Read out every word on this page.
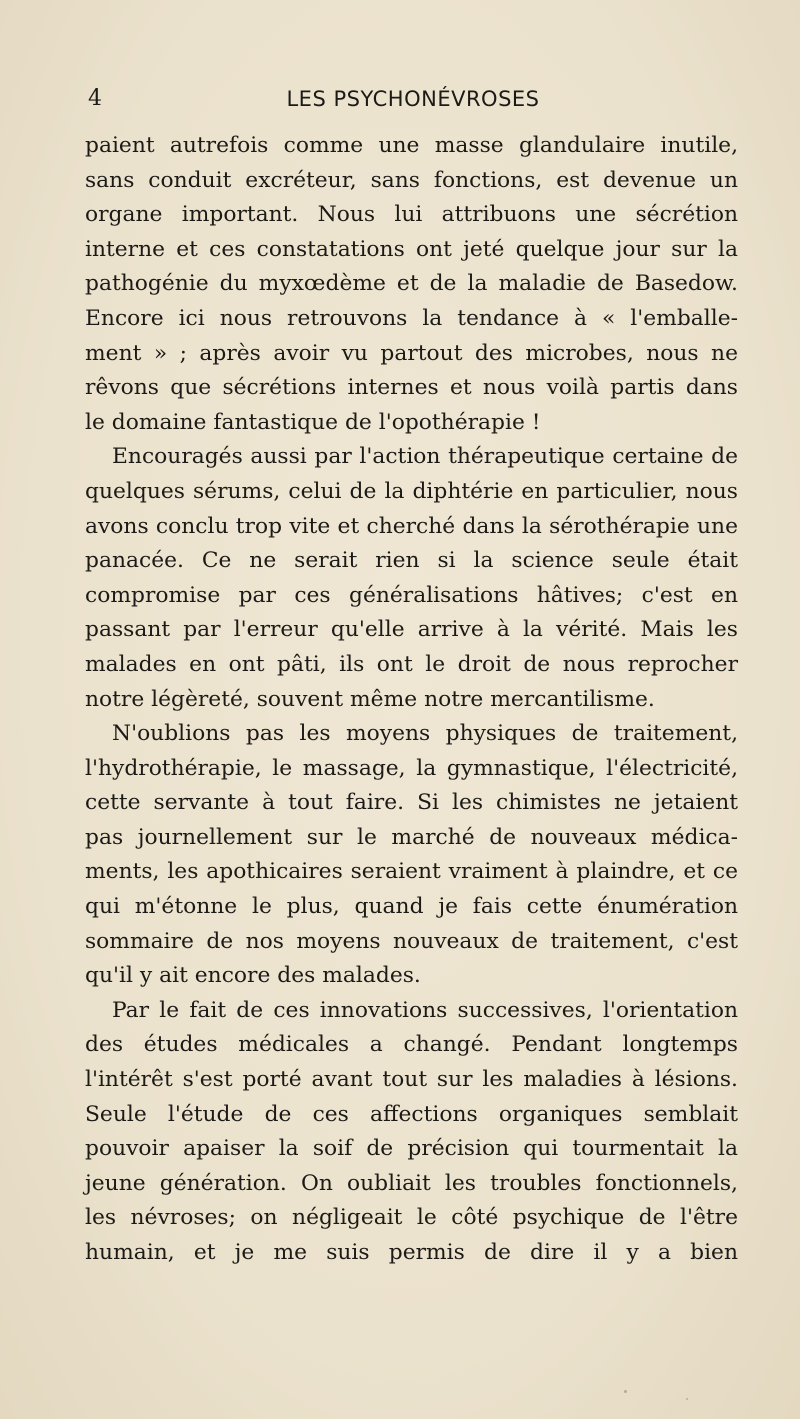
4	LES PSYCHONÉVROSES
paient autrefois comme une masse glandulaire inutile,
sans conduit excréteur, sans fonctions, est devenue un
organe important. Nous lui attribuons une sécrétion
interne et ces constatations ont jeté quelque jour sur la
pathogénie du myxœdème et de la maladie de Basedow.
Encore ici nous retrouvons la tendance à « l'emballe-
ment » ; après avoir vu partout des microbes, nous ne
rêvons que sécrétions internes et nous voilà partis dans
le domaine fantastique de l'opothérapie !
Encouragés aussi par l'action thérapeutique certaine de
quelques sérums, celui de la diphtérie en particulier, nous
avons conclu trop vite et cherché dans la sérothérapie une
panacée. Ce ne serait rien si la science seule était
compromise par ces généralisations hâtives; c'est en
passant par l'erreur qu'elle arrive à la vérité. Mais les
malades en ont pâti, ils ont le droit de nous reprocher
notre légèreté, souvent même notre mercantilisme.
N'oublions pas les moyens physiques de traitement,
l'hydrothérapie, le massage, la gymnastique, l'électricité,
cette servante à tout faire. Si les chimistes ne jetaient
pas journellement sur le marché de nouveaux médica-
ments, les apothicaires seraient vraiment à plaindre, et ce
qui m'étonne le plus, quand je fais cette énumération
sommaire de nos moyens nouveaux de traitement, c'est
qu'il y ait encore des malades.
Par le fait de ces innovations successives, l'orientation
des études médicales a changé. Pendant longtemps
l'intérêt s'est porté avant tout sur les maladies à lésions.
Seule l'étude de ces affections organiques semblait
pouvoir apaiser la soif de précision qui tourmentait la
jeune génération. On oubliait les troubles fonctionnels,
les névroses; on négligeait le côté psychique de l'être
humain, et je me suis permis de dire il y a bien
